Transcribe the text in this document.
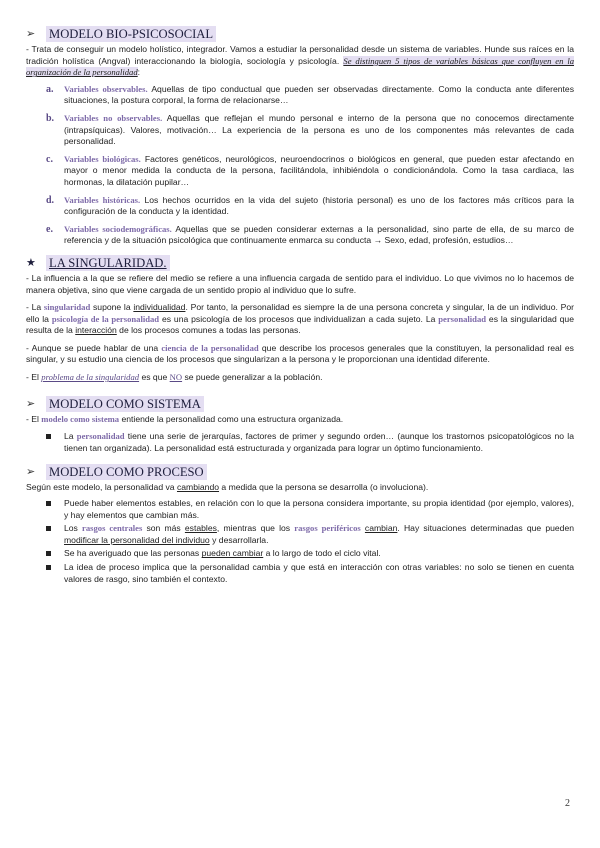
➢	MODELO BIO-PSICOSOCIAL

- Trata de conseguir un modelo holístico, integrador. Vamos a estudiar la personalidad desde un sistema de variables. Hunde sus raíces en la tradición holística (Angval) interaccionando la biología, sociología y psicología. Se distinguen 5 tipos de variables básicas que confluyen en la organización de la personalidad:

a. Variables observables. Aquellas de tipo conductual que pueden ser observadas directamente. Como la conducta ante diferentes situaciones, la postura corporal, la forma de relacionarse…

b. Variables no observables. Aquellas que reflejan el mundo personal e interno de la persona que no conocemos directamente (intrapsíquicas). Valores, motivación… La experiencia de la persona es uno de los componentes más relevantes de cada personalidad.

c. Variables biológicas. Factores genéticos, neurológicos, neuroendocrinos o biológicos en general, que pueden estar afectando en mayor o menor medida la conducta de la persona, facilitándola, inhibiéndola o condicionándola. Como la tasa cardiaca, las hormonas, la dilatación pupilar…

d. Variables históricas. Los hechos ocurridos en la vida del sujeto (historia personal) es uno de los factores más críticos para la configuración de la conducta y la identidad.

e. Variables sociodemográficas. Aquellas que se pueden considerar externas a la personalidad, sino parte de ella, de su marco de referencia y de la situación psicológica que continuamente enmarca su conducta → Sexo, edad, profesión, estudios…

★	LA SINGULARIDAD.

- La influencia a la que se refiere del medio se refiere a una influencia cargada de sentido para el individuo. Lo que vivimos no lo hacemos de manera objetiva, sino que viene cargada de un sentido propio al individuo que lo sufre.

- La singularidad supone la individualidad. Por tanto, la personalidad es siempre la de una persona concreta y singular, la de un individuo. Por ello la psicología de la personalidad es una psicología de los procesos que individualizan a cada sujeto. La personalidad es la singularidad que resulta de la interacción de los procesos comunes a todas las personas.

- Aunque se puede hablar de una ciencia de la personalidad que describe los procesos generales que la constituyen, la personalidad real es singular, y su estudio una ciencia de los procesos que singularizan a la persona y le proporcionan una identidad diferente.

- El problema de la singularidad es que NO se puede generalizar a la población.

➢	MODELO COMO SISTEMA

- El modelo como sistema entiende la personalidad como una estructura organizada.

La personalidad tiene una serie de jerarquías, factores de primer y segundo orden… (aunque los trastornos psicopatológicos no la tienen tan organizada). La personalidad está estructurada y organizada para lograr un óptimo funcionamiento.

➢	MODELO COMO PROCESO

Según este modelo, la personalidad va cambiando a medida que la persona se desarrolla (o involuciona).

Puede haber elementos estables, en relación con lo que la persona considera importante, su propia identidad (por ejemplo, valores), y hay elementos que cambian más.

Los rasgos centrales son más estables, mientras que los rasgos periféricos cambian. Hay situaciones determinadas que pueden modificar la personalidad del individuo y desarrollarla.

Se ha averiguado que las personas pueden cambiar a lo largo de todo el ciclo vital.

La idea de proceso implica que la personalidad cambia y que está en interacción con otras variables: no solo se tienen en cuenta valores de rasgo, sino también el contexto.

2
